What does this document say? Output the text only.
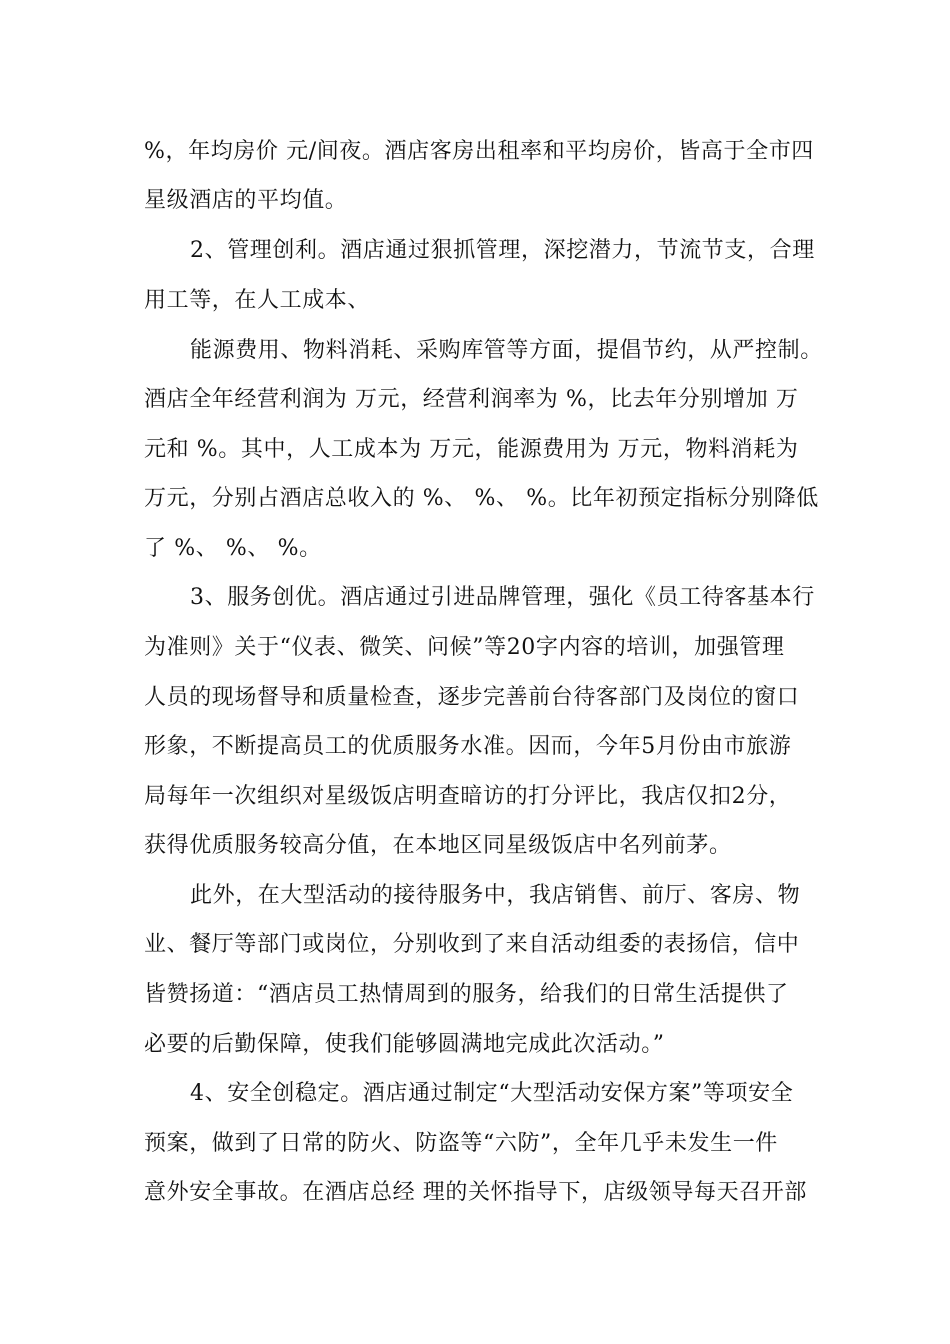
%，年均房价 元/间夜。酒店客房出租率和平均房价，皆高于全市四
星级酒店的平均值。
2、管理创利。酒店通过狠抓管理，深挖潜力，节流节支，合理
用工等，在人工成本、
能源费用、物料消耗、采购库管等方面，提倡节约，从严控制。
酒店全年经营利润为 万元，经营利润率为 %，比去年分别增加 万
元和 %。其中，人工成本为 万元，能源费用为 万元，物料消耗为
万元，分别占酒店总收入的 %、 %、 %。比年初预定指标分别降低
了 %、 %、 %。
3、服务创优。酒店通过引进品牌管理，强化《员工待客基本行
为准则》关于“仪表、微笑、问候”等20字内容的培训，加强管理
人员的现场督导和质量检查，逐步完善前台待客部门及岗位的窗口
形象，不断提高员工的优质服务水准。因而，今年5月份由市旅游
局每年一次组织对星级饭店明查暗访的打分评比，我店仅扣2分，
获得优质服务较高分值，在本地区同星级饭店中名列前茅。
此外，在大型活动的接待服务中，我店销售、前厅、客房、物
业、餐厅等部门或岗位，分别收到了来自活动组委的表扬信，信中
皆赞扬道：“酒店员工热情周到的服务，给我们的日常生活提供了
必要的后勤保障，使我们能够圆满地完成此次活动。”
4、安全创稳定。酒店通过制定“大型活动安保方案”等项安全
预案，做到了日常的防火、防盗等“六防”，全年几乎未发生一件
意外安全事故。在酒店总经 理的关怀指导下，店级领导每天召开部
